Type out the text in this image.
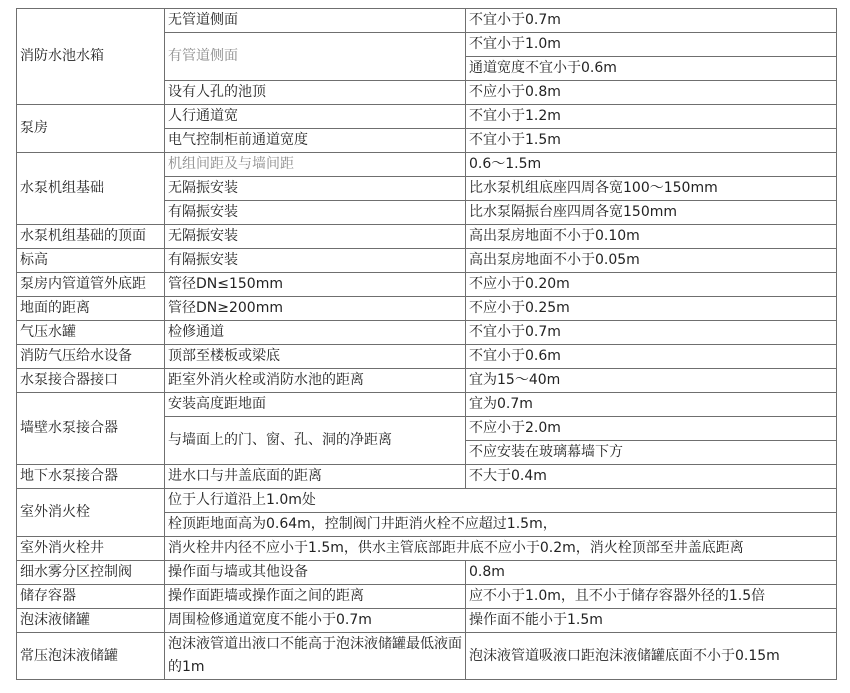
消防水池水箱	无管道侧面	不宜小于0.7m
	有管道侧面	不宜小于1.0m
		通道宽度不宜小于0.6m
	设有人孔的池顶	不应小于0.8m
泵房	人行通道宽	不宜小于1.2m
	电气控制柜前通道宽度	不宜小于1.5m
水泵机组基础	机组间距及与墙间距	0.6～1.5m
	无隔振安装	比水泵机组底座四周各宽100～150mm
	有隔振安装	比水泵隔振台座四周各宽150mm
水泵机组基础的顶面	无隔振安装	高出泵房地面不小于0.10m
标高	有隔振安装	高出泵房地面不小于0.05m
泵房内管道管外底距	管径DN≤150mm	不应小于0.20m
地面的距离	管径DN≥200mm	不应小于0.25m
气压水罐	检修通道	不宜小于0.7m
消防气压给水设备	顶部至楼板或梁底	不宜小于0.6m
水泵接合器接口	距室外消火栓或消防水池的距离	宜为15～40m
墙壁水泵接合器	安装高度距地面	宜为0.7m
	与墙面上的门、窗、孔、洞的净距离	不应小于2.0m
		不应安装在玻璃幕墙下方
地下水泵接合器	进水口与井盖底面的距离	不大于0.4m
室外消火栓	位于人行道沿上1.0m处	
	栓顶距地面高为0.64m，控制阀门井距消火栓不应超过1.5m，	
室外消火栓井	消火栓井内径不应小于1.5m，供水主管底部距井底不应小于0.2m，消火栓顶部至井盖底距离	
细水雾分区控制阀	操作面与墙或其他设备	0.8m
储存容器	操作面距墙或操作面之间的距离	应不小于1.0m，且不小于储存容器外径的1.5倍
泡沫液储罐	周围检修通道宽度不能小于0.7m	操作面不能小于1.5m
常压泡沫液储罐	泡沫液管道出液口不能高于泡沫液储罐最低液面的1m	泡沫液管道吸液口距泡沫液储罐底面不小于0.15m
